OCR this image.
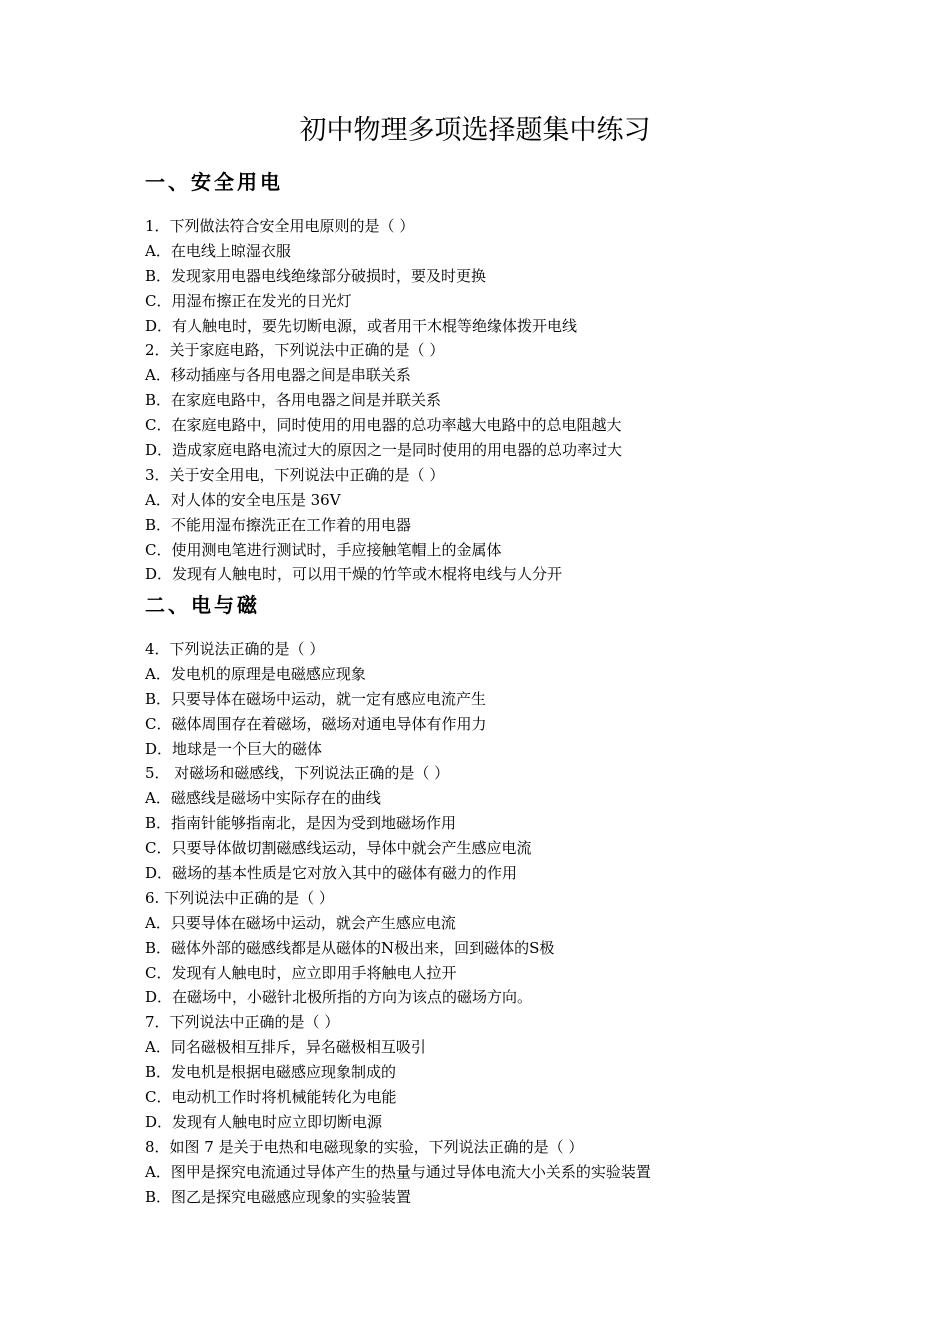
初中物理多项选择题集中练习
一、安全用电
1．下列做法符合安全用电原则的是（ ）
A．在电线上晾湿衣服
B．发现家用电器电线绝缘部分破损时，要及时更换
C．用湿布擦正在发光的日光灯
D．有人触电时，要先切断电源，或者用干木棍等绝缘体拨开电线
2．关于家庭电路，下列说法中正确的是（ ）
A．移动插座与各用电器之间是串联关系
B．在家庭电路中，各用电器之间是并联关系
C．在家庭电路中，同时使用的用电器的总功率越大电路中的总电阻越大
D．造成家庭电路电流过大的原因之一是同时使用的用电器的总功率过大
3．关于安全用电，下列说法中正确的是（ ）
A．对人体的安全电压是 36V
B．不能用湿布擦洗正在工作着的用电器
C．使用测电笔进行测试时，手应接触笔帽上的金属体
D．发现有人触电时，可以用干燥的竹竿或木棍将电线与人分开
二、电与磁
4．下列说法正确的是（ ）
A．发电机的原理是电磁感应现象
B．只要导体在磁场中运动，就一定有感应电流产生
C．磁体周围存在着磁场，磁场对通电导体有作用力
D．地球是一个巨大的磁体
5． 对磁场和磁感线，下列说法正确的是（ ）
A．磁感线是磁场中实际存在的曲线
B．指南针能够指南北，是因为受到地磁场作用
C．只要导体做切割磁感线运动，导体中就会产生感应电流
D．磁场的基本性质是它对放入其中的磁体有磁力的作用
6. 下列说法中正确的是（ ）
A．只要导体在磁场中运动，就会产生感应电流
B．磁体外部的磁感线都是从磁体的N极出来，回到磁体的S极
C．发现有人触电时，应立即用手将触电人拉开
D．在磁场中，小磁针北极所指的方向为该点的磁场方向。
7．下列说法中正确的是（ ）
A．同名磁极相互排斥，异名磁极相互吸引
B．发电机是根据电磁感应现象制成的
C．电动机工作时将机械能转化为电能
D．发现有人触电时应立即切断电源
8．如图 7 是关于电热和电磁现象的实验，下列说法正确的是（ ）
A．图甲是探究电流通过导体产生的热量与通过导体电流大小关系的实验装置
B．图乙是探究电磁感应现象的实验装置
